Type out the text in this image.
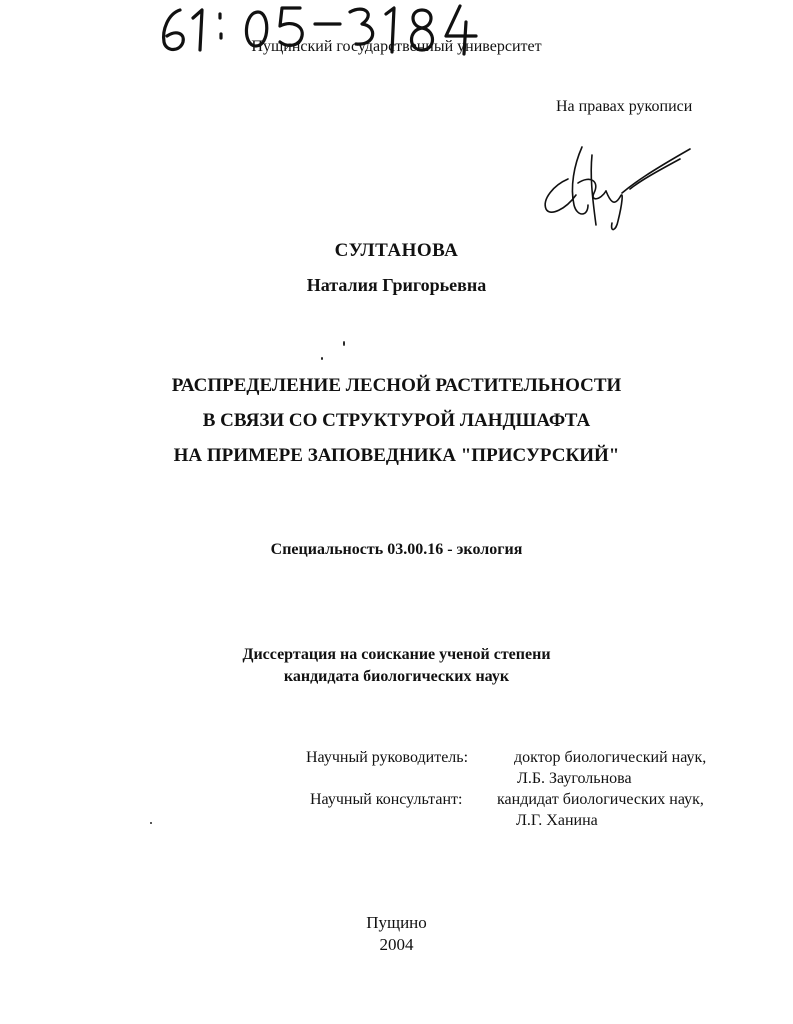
Пущинский государственный университет
На правах рукописи
СУЛТАНОВА
Наталия Григорьевна
РАСПРЕДЕЛЕНИЕ ЛЕСНОЙ РАСТИТЕЛЬНОСТИ
В СВЯЗИ СО СТРУКТУРОЙ ЛАНДШАФТА
НА ПРИМЕРЕ ЗАПОВЕДНИКА "ПРИСУРСКИЙ"
Специальность 03.00.16 - экология
Диссертация на соискание ученой степени
кандидата биологических наук
Научный руководитель:	доктор биологический наук,
Л.Б. Заугольнова
Научный консультант: кандидат биологических наук,
Л.Г. Ханина
Пущино
2004
